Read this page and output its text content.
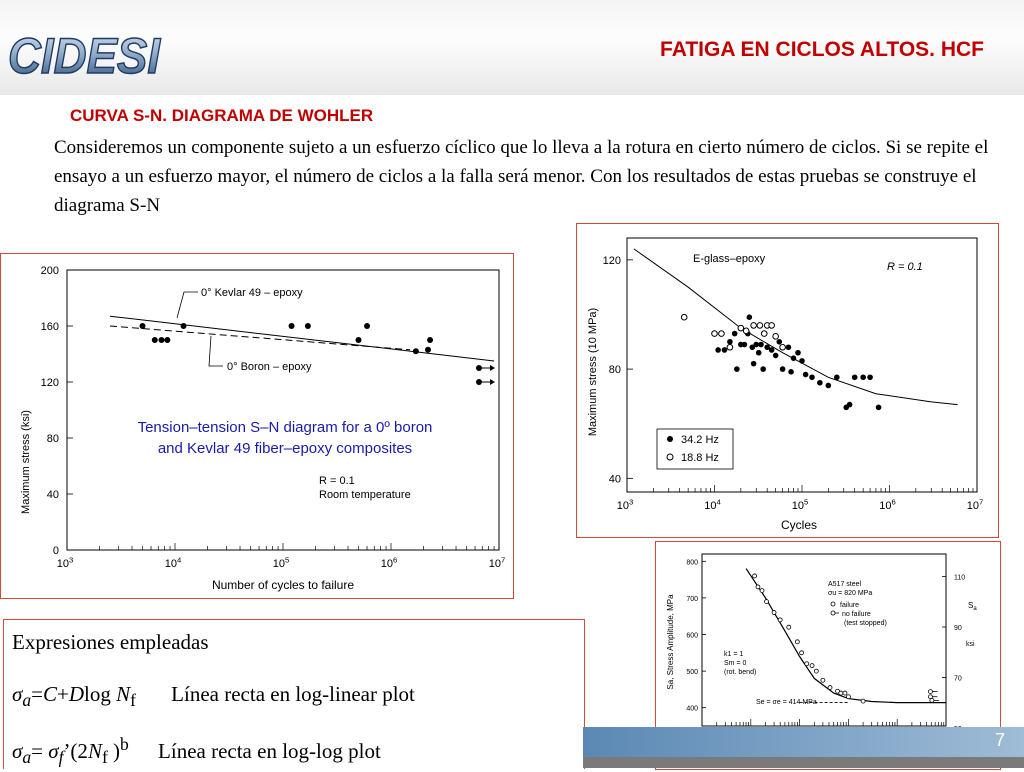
CIDESI	FATIGA EN CICLOS ALTOS. HCF
CURVA S-N. DIAGRAMA DE WOHLER
Consideremos un componente sujeto a un esfuerzo cíclico que lo lleva a la rotura en cierto número de ciclos. Si se repite el ensayo a un esfuerzo mayor, el número de ciclos a la falla será menor. Con los resultados de estas pruebas se construye el diagrama S-N
Maximum stress (ksi)
Number of cycles to failure
0
40
80
120
160
200
$10^3$	$10^4$	$10^5$	$10^6$	$10^7$
0° Kevlar 49 – epoxy
0° Boron – epoxy
R = 0.1
Room temperature
Tension–tension S–N diagram for a 0º boron
and Kevlar 49 fiber–epoxy composites
Maximum stress (10 MPa)
Cycles
40
80
120
$10^3$	$10^4$	$10^5$	$10^6$	$10^7$
E-glass–epoxy
R = 0.1
34.2 Hz
18.8 Hz
Sa, Stress Amplitude, MPa
400
500
600
700
800
70
90
110
$S_a$
ksi
A517 steel
σu = 820 MPa
failure
no failure
(test stopped)
k1 = 1
Sm = 0
(rot. bend)
Se = σe = 414 MPa
Expresiones empleadas
$\sigma_a=C+Dlog$ $N_f$ Línea recta en log-linear plot
$\sigma_a=$ $\sigma_f’(2N_f$ )$^b$ Línea recta en log-log plot	7
